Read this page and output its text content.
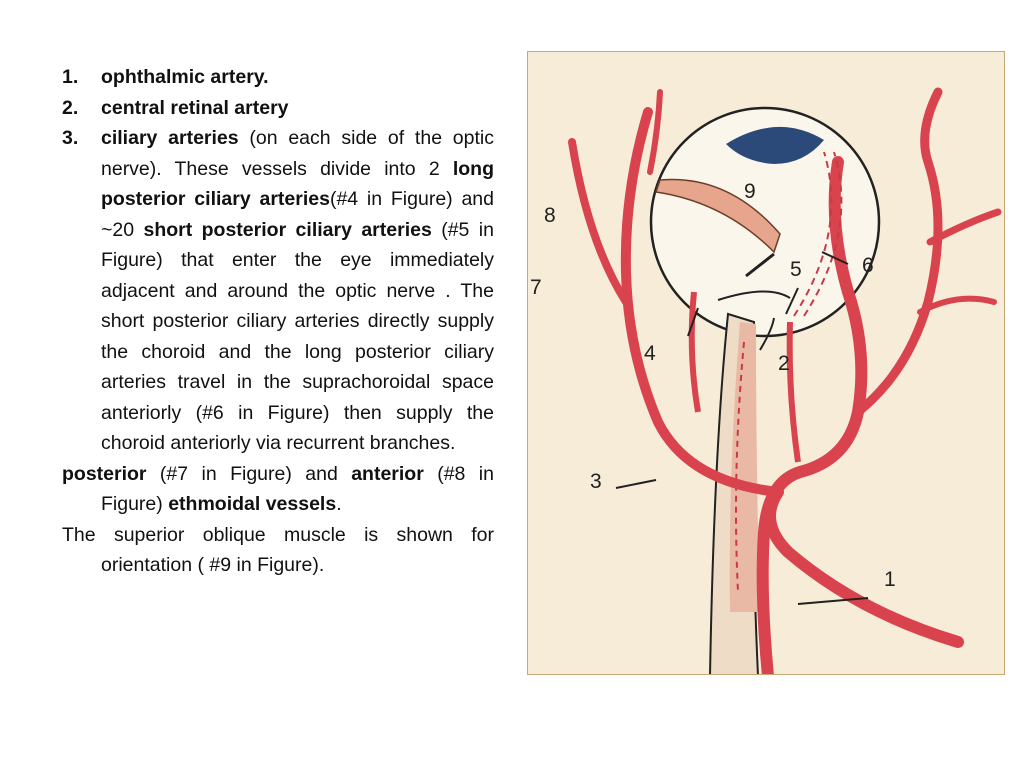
1. ophthalmic artery.
2. central retinal artery
3. ciliary arteries (on each side of the optic nerve). These vessels divide into 2 long posterior ciliary arteries(#4 in Figure) and ~20 short posterior ciliary arteries (#5 in Figure) that enter the eye immediately adjacent and around the optic nerve . The short posterior ciliary arteries directly supply the choroid and the long posterior ciliary arteries travel in the suprachoroidal space anteriorly (#6 in Figure) then supply the choroid anteriorly via recurrent branches.
posterior (#7 in Figure) and anterior (#8 in Figure) ethmoidal vessels.
The superior oblique muscle is shown for orientation ( #9 in Figure).
1
2
3
4
5	6
7
8
9
